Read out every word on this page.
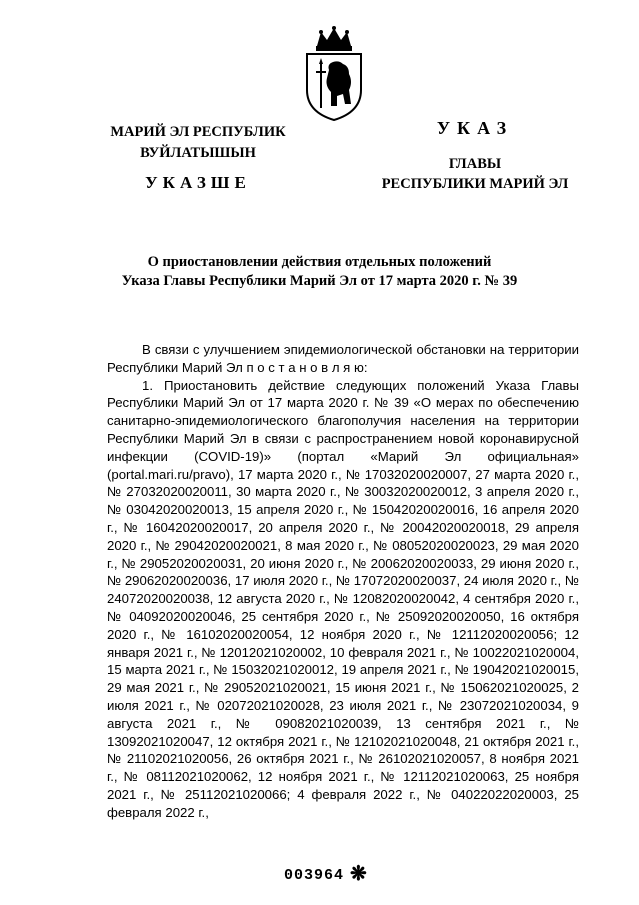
МАРИЙ ЭЛ РЕСПУБЛИК
ВУЙЛАТЫШЫН
УКАЗШЕ
УКАЗ
ГЛАВЫ
РЕСПУБЛИКИ МАРИЙ ЭЛ
О приостановлении действия отдельных положений
Указа Главы Республики Марий Эл от 17 марта 2020 г. № 39

В связи с улучшением эпидемиологической обстановки на территории Республики Марий Эл п о с т а н о в л я ю:

1. Приостановить действие следующих положений Указа Главы Республики Марий Эл от 17 марта 2020 г. № 39 «О мерах по обеспечению санитарно-эпидемиологического благополучия населения на территории Республики Марий Эл в связи с распространением новой коронавирусной инфекции (COVID-19)» (портал «Марий Эл официальная» (portal.mari.ru/pravo), 17 марта 2020 г., № 17032020020007, 27 марта 2020 г., № 27032020020011, 30 марта 2020 г., № 30032020020012, 3 апреля 2020 г., № 03042020020013, 15 апреля 2020 г., № 15042020020016, 16 апреля 2020 г., № 16042020020017, 20 апреля 2020 г., № 20042020020018, 29 апреля 2020 г., № 29042020020021, 8 мая 2020 г., № 08052020020023, 29 мая 2020 г., № 29052020020031, 20 июня 2020 г., № 20062020020033, 29 июня 2020 г., № 29062020020036, 17 июля 2020 г., № 17072020020037, 24 июля 2020 г., № 24072020020038, 12 августа 2020 г., № 12082020020042, 4 сентября 2020 г., № 04092020020046, 25 сентября 2020 г., № 25092020020050, 16 октября 2020 г., № 16102020020054, 12 ноября 2020 г., № 12112020020056; 12 января 2021 г., № 12012021020002, 10 февраля 2021 г., № 10022021020004, 15 марта 2021 г., № 15032021020012, 19 апреля 2021 г., № 19042021020015, 29 мая 2021 г., № 29052021020021, 15 июня 2021 г., № 15062021020025, 2 июля 2021 г., № 02072021020028, 23 июля 2021 г., № 23072021020034, 9 августа 2021 г., № 09082021020039, 13 сентября 2021 г., № 13092021020047, 12 октября 2021 г., № 12102021020048, 21 октября 2021 г., № 21102021020056, 26 октября 2021 г., № 26102021020057, 8 ноября 2021 г., № 08112021020062, 12 ноября 2021 г., № 12112021020063, 25 ноября 2021 г., № 25112021020066; 4 февраля 2022 г., № 04022022020003, 25 февраля 2022 г.,

003964 ❋
